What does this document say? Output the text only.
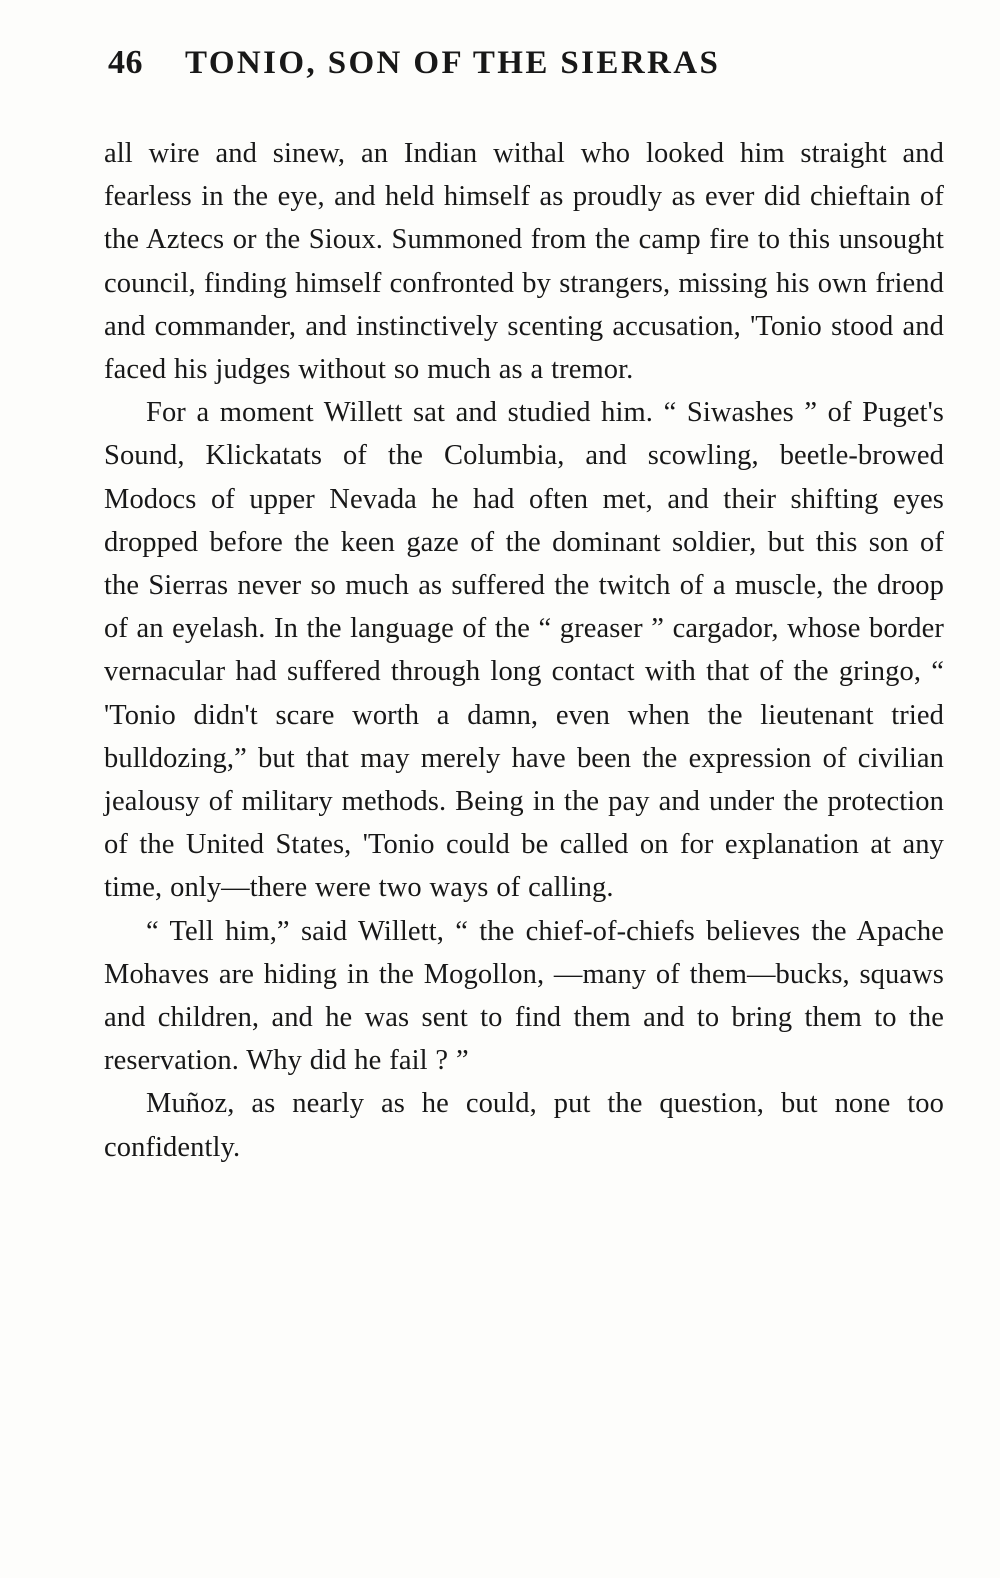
46 TONIO, SON OF THE SIERRAS

all wire and sinew, an Indian withal who looked him straight and fearless in the eye, and held himself as proudly as ever did chieftain of the Aztecs or the Sioux. Summoned from the camp fire to this unsought council, finding himself confronted by strangers, missing his own friend and commander, and instinctively scenting accusation, 'Tonio stood and faced his judges without so much as a tremor.

For a moment Willett sat and studied him. “ Siwashes ” of Puget's Sound, Klickatats of the Columbia, and scowling, beetle-browed Modocs of upper Nevada he had often met, and their shifting eyes dropped before the keen gaze of the dominant soldier, but this son of the Sierras never so much as suffered the twitch of a muscle, the droop of an eyelash. In the language of the “ greaser ” cargador, whose border vernacular had suffered through long contact with that of the gringo, “ 'Tonio didn't scare worth a damn, even when the lieutenant tried bulldozing,” but that may merely have been the expression of civilian jealousy of military methods. Being in the pay and under the protection of the United States, 'Tonio could be called on for explanation at any time, only—there were two ways of calling.

“ Tell him,” said Willett, “ the chief-of-chiefs believes the Apache Mohaves are hiding in the Mogollon, —many of them—bucks, squaws and children, and he was sent to find them and to bring them to the reservation. Why did he fail ? ”

Muñoz, as nearly as he could, put the question, but none too confidently.
